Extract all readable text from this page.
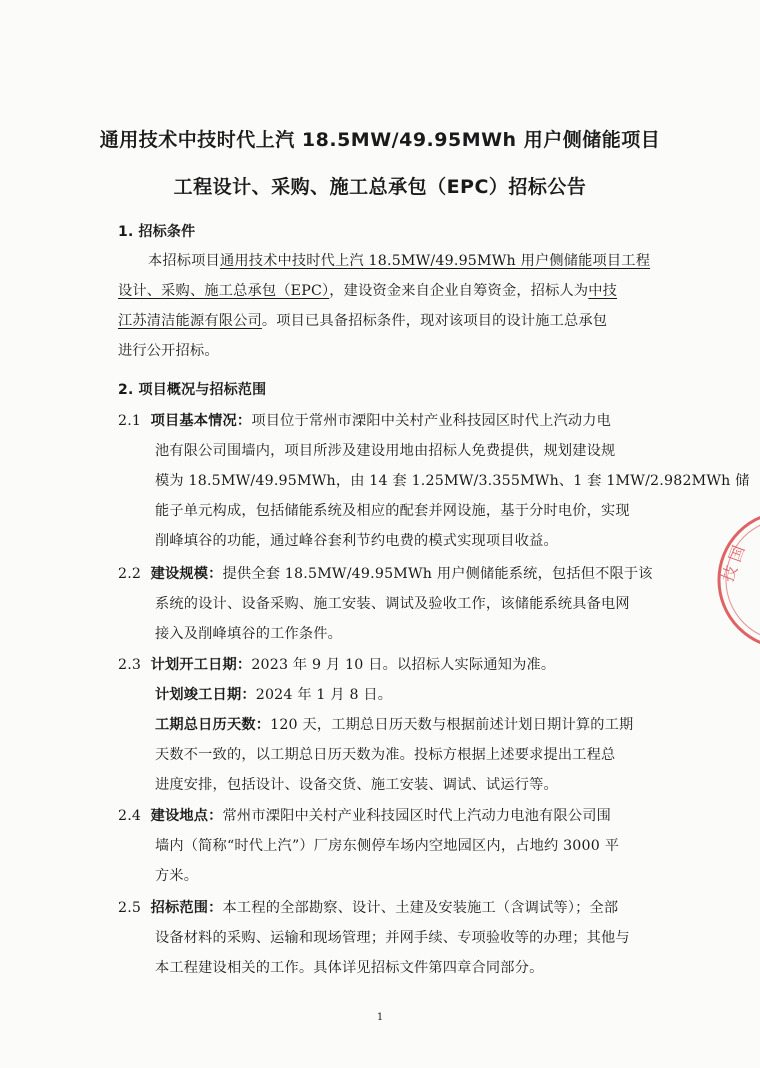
通用技术中技时代上汽 18.5MW/49.95MWh 用户侧储能项目
工程设计、采购、施工总承包（EPC）招标公告
1. 招标条件
本招标项目通用技术中技时代上汽 18.5MW/49.95MWh 用户侧储能项目工程
设计、采购、施工总承包（EPC），建设资金来自企业自筹资金，招标人为中技
江苏清洁能源有限公司。项目已具备招标条件，现对该项目的设计施工总承包
进行公开招标。
2. 项目概况与招标范围
2.1 项目基本情况：项目位于常州市溧阳中关村产业科技园区时代上汽动力电
池有限公司围墙内，项目所涉及建设用地由招标人免费提供，规划建设规
模为 18.5MW/49.95MWh，由 14 套 1.25MW/3.355MWh、1 套 1MW/2.982MWh 储
能子单元构成，包括储能系统及相应的配套并网设施，基于分时电价，实现
削峰填谷的功能，通过峰谷套利节约电费的模式实现项目收益。
2.2 建设规模：提供全套 18.5MW/49.95MWh 用户侧储能系统，包括但不限于该
系统的设计、设备采购、施工安装、调试及验收工作，该储能系统具备电网
接入及削峰填谷的工作条件。
2.3 计划开工日期：2023 年 9 月 10 日。以招标人实际通知为准。
计划竣工日期：2024 年 1 月 8 日。
工期总日历天数：120 天，工期总日历天数与根据前述计划日期计算的工期
天数不一致的，以工期总日历天数为准。投标方根据上述要求提出工程总
进度安排，包括设计、设备交货、施工安装、调试、试运行等。
2.4 建设地点：常州市溧阳中关村产业科技园区时代上汽动力电池有限公司围
墙内（简称“时代上汽”）厂房东侧停车场内空地园区内，占地约 3000 平
方米。
2.5 招标范围：本工程的全部勘察、设计、土建及安装施工（含调试等）；全部
设备材料的采购、运输和现场管理；并网手续、专项验收等的办理；其他与
本工程建设相关的工作。具体详见招标文件第四章合同部分。
1
技 国
